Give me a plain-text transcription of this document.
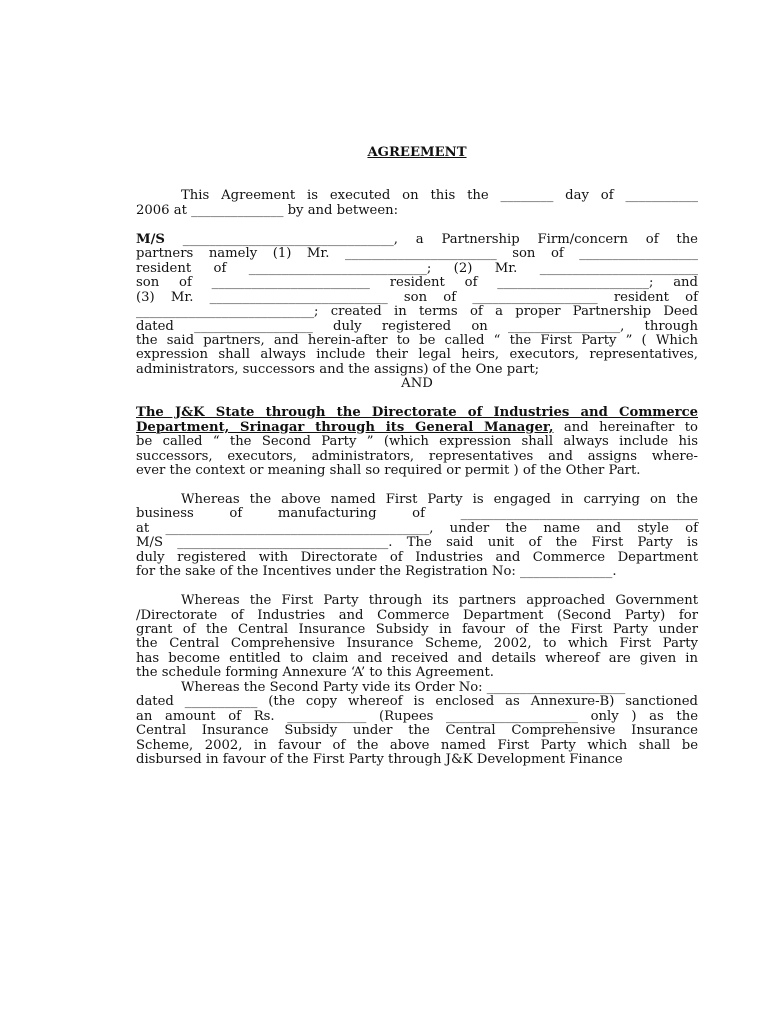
AGREEMENT
This Agreement is executed on this the ________ day of ___________
2006 at ______________ by and between:
M/S ________________________________, a Partnership Firm/concern of the
partners namely (1) Mr. _______________________ son of __________________
resident of ___________________________; (2) Mr. ________________________
son of ________________________ resident of _______________________; and
(3) Mr. ___________________________ son of ___________________ resident of
___________________________; created in terms of a proper Partnership Deed
dated __________________ duly registered on _________________, through
the said partners, and herein-after to be called “ the First Party ” ( Which
expression shall always include their legal heirs, executors, representatives,
administrators, successors and the assigns) of the One part;
AND
The J&K State through the Directorate of Industries and Commerce
Department, Srinagar through its General Manager, and hereinafter to
be called “ the Second Party ” (which expression shall always include his
successors, executors, administrators, representatives and assigns where-
ever the context or meaning shall so required or permit ) of the Other Part.
Whereas the above named First Party is engaged in carrying on the
business of manufacturing of ____________________________________
at ________________________________________, under the name and style of
M/S ________________________________. The said unit of the First Party is
duly registered with Directorate of Industries and Commerce Department
for the sake of the Incentives under the Registration No: ______________.
Whereas the First Party through its partners approached Government
/Directorate of Industries and Commerce Department (Second Party) for
grant of the Central Insurance Subsidy in favour of the First Party under
the Central Comprehensive Insurance Scheme, 2002, to which First Party
has become entitled to claim and received and details whereof are given in
the schedule forming Annexure ‘A’ to this Agreement.
Whereas the Second Party vide its Order No: _____________________
dated ___________ (the copy whereof is enclosed as Annexure-B) sanctioned
an amount of Rs. ____________ (Rupees ____________________ only ) as the
Central Insurance Subsidy under the Central Comprehensive Insurance
Scheme, 2002, in favour of the above named First Party which shall be
disbursed in favour of the First Party through J&K Development Finance
